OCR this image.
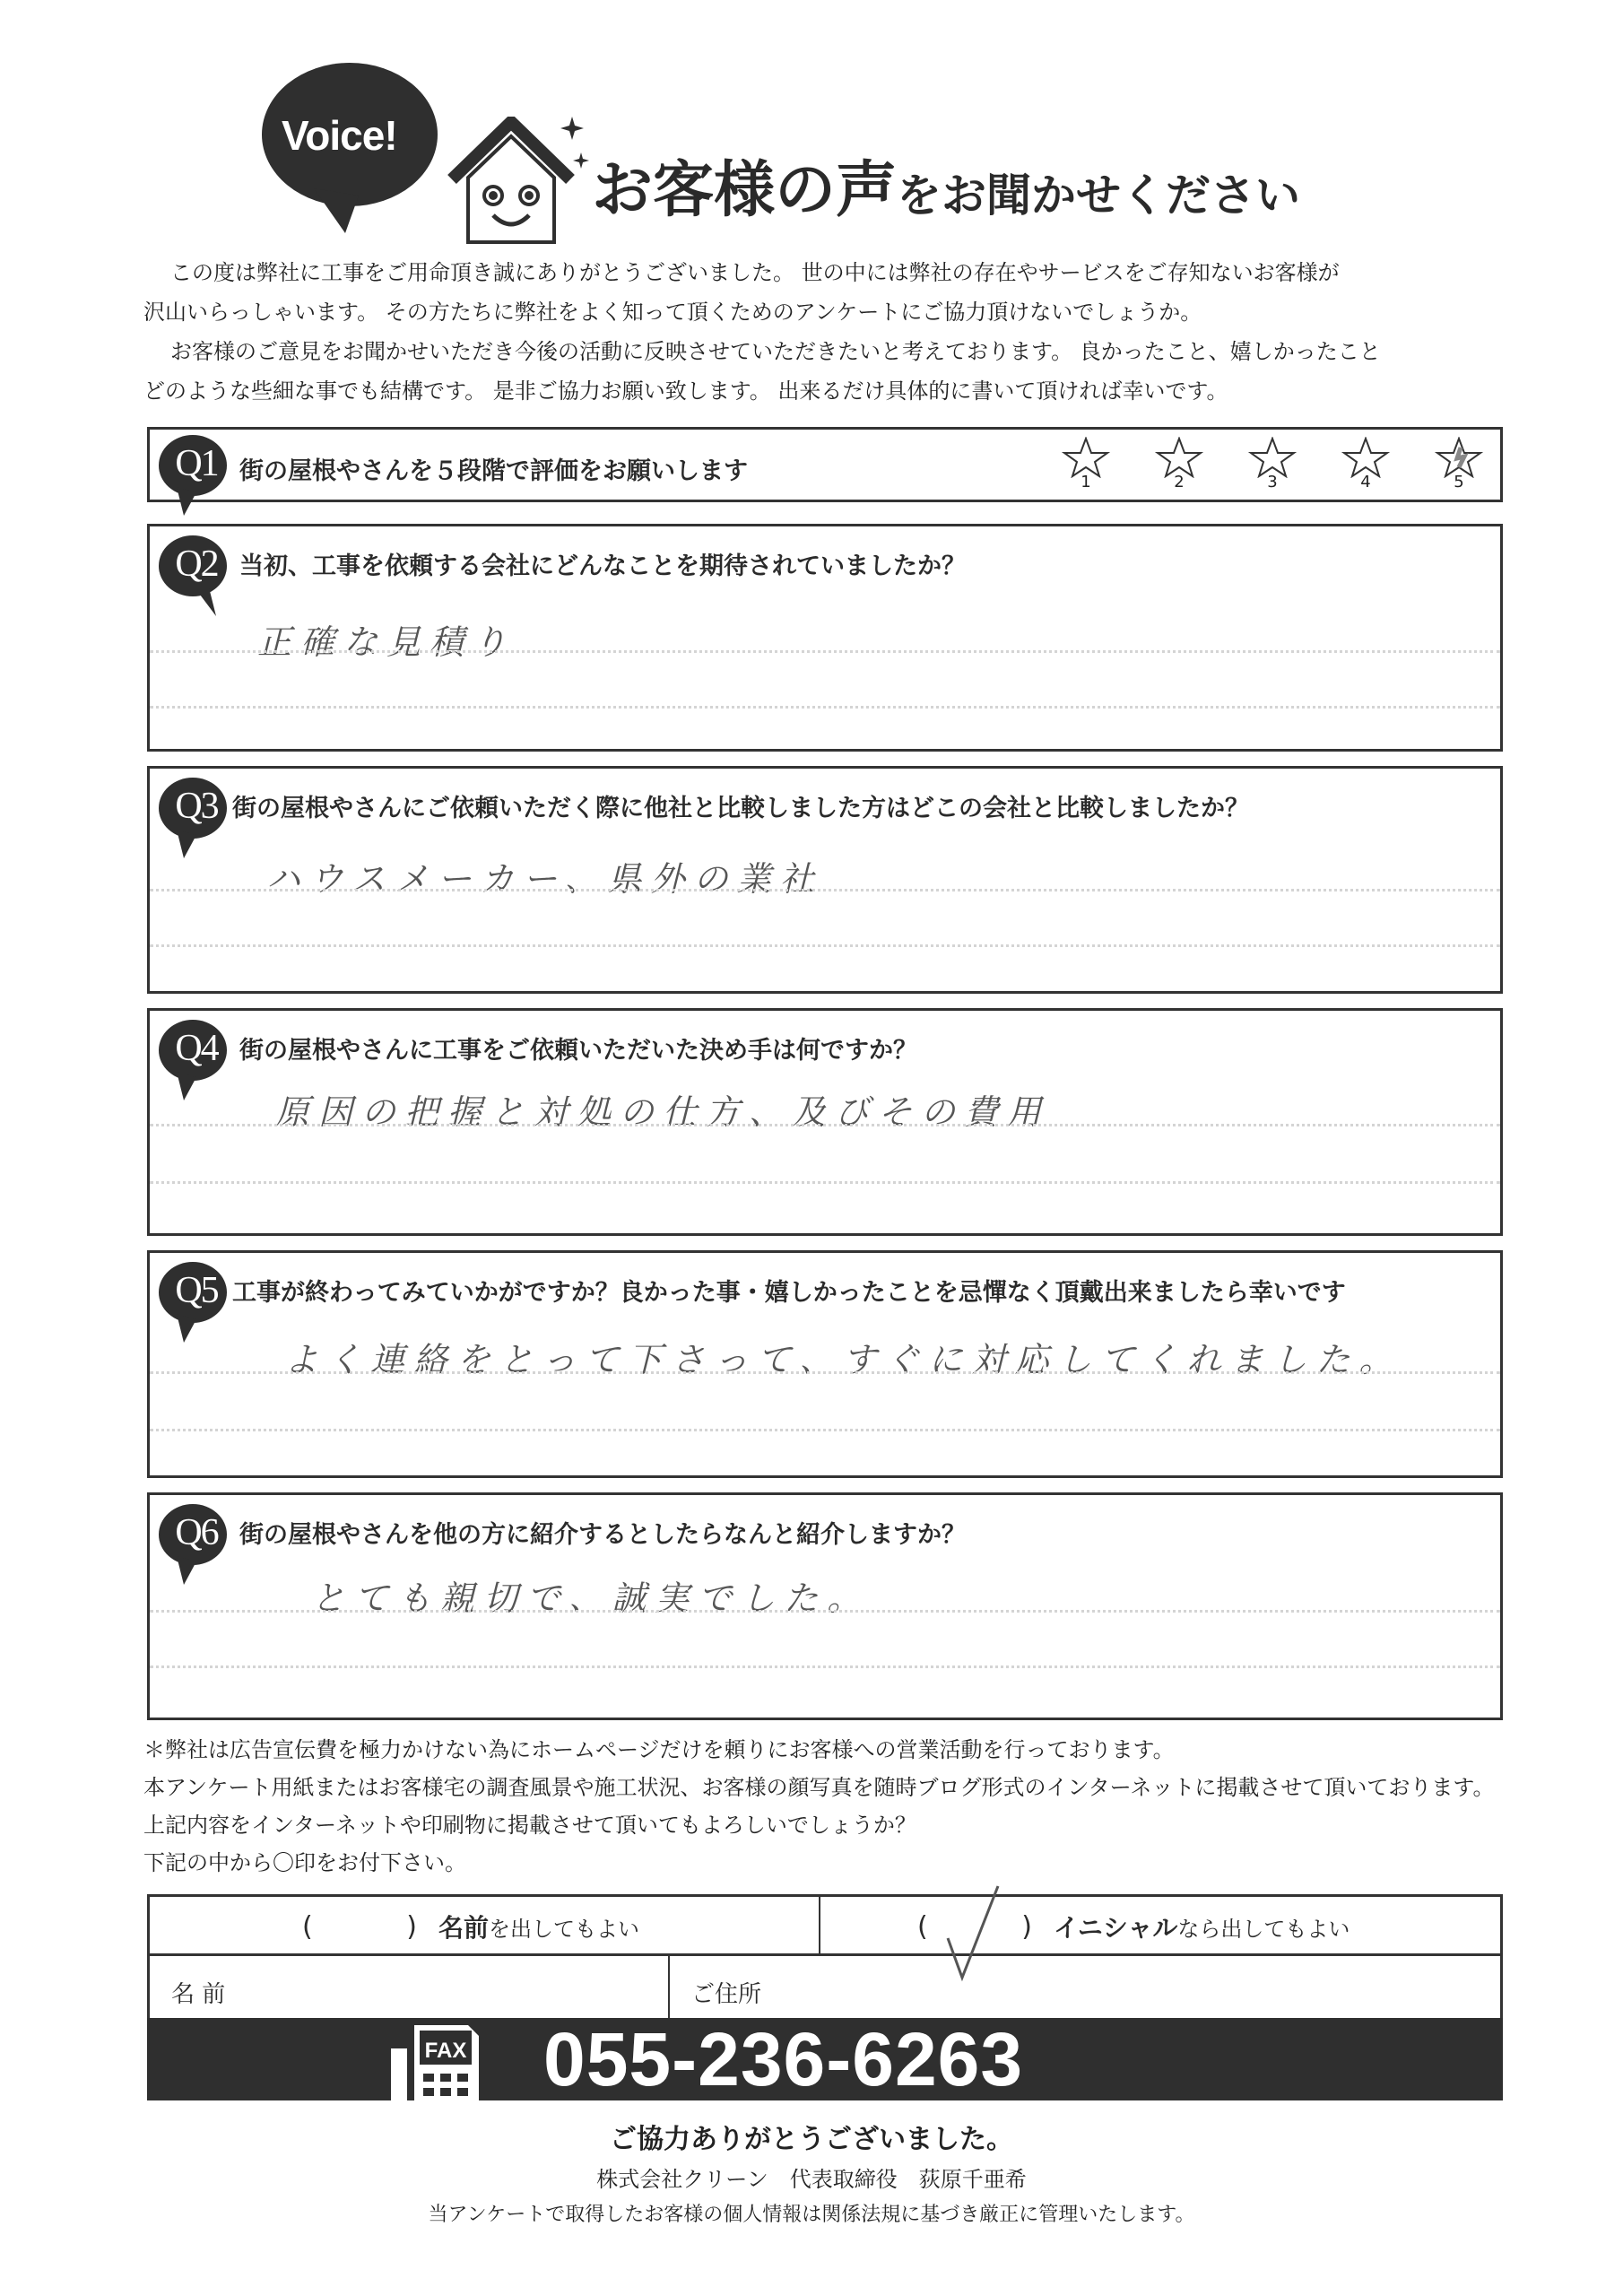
Voice!
お客様の声をお聞かせください

この度は弊社に工事をご用命頂き誠にありがとうございました。 世の中には弊社の存在やサービスをご存知ないお客様が

沢山いらっしゃいます。 その方たちに弊社をよく知って頂くためのアンケートにご協力頂けないでしょうか。

お客様のご意見をお聞かせいただき今後の活動に反映させていただきたいと考えております。 良かったこと、嬉しかったこと

どのような些細な事でも結構です。 是非ご協力お願い致します。 出来るだけ具体的に書いて頂ければ幸いです。

Q1 街の屋根やさんを５段階で評価をお願いします	1	2	3	4	5
Q2 当初、工事を依頼する会社にどんなことを期待されていましたか？
正確な見積り
Q3 街の屋根やさんにご依頼いただく際に他社と比較しました方はどこの会社と比較しましたか？
ハウスメーカー、県外の業社
Q4 街の屋根やさんに工事をご依頼いただいた決め手は何ですか？
原因の把握と対処の仕方、及びその費用
Q5 工事が終わってみていかがですか？良かった事・嬉しかったことを忌憚なく頂戴出来ましたら幸いです
よく連絡をとって下さって、すぐに対応してくれました。
Q6 街の屋根やさんを他の方に紹介するとしたらなんと紹介しますか？
とても親切で、誠実でした。

＊弊社は広告宣伝費を極力かけない為にホームページだけを頼りにお客様への営業活動を行っております。

本アンケート用紙またはお客様宅の調査風景や施工状況、お客様の顔写真を随時ブログ形式のインターネットに掲載させて頂いております。

上記内容をインターネットや印刷物に掲載させて頂いてもよろしいでしょうか？

下記の中から〇印をお付下さい。

(	) 名前 を出してもよい	(	) イニシャル なら出してもよい
名 前	ご住所
FAX 055-236-6263
ご協力ありがとうございました。
株式会社クリーン　代表取締役　荻原千亜希
当アンケートで取得したお客様の個人情報は関係法規に基づき厳正に管理いたします。
